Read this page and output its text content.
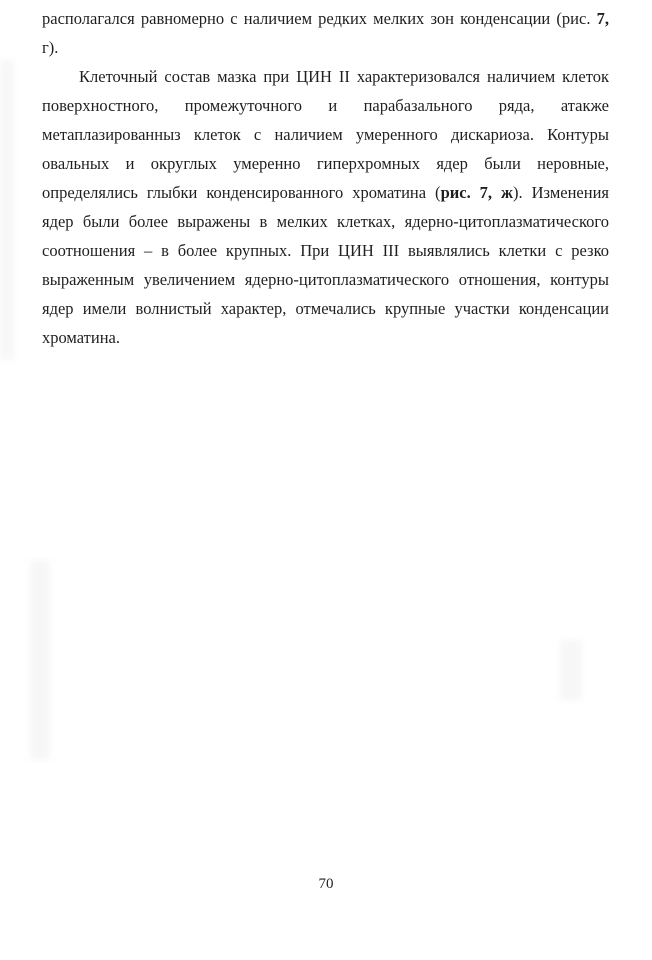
располагался равномерно с наличием редких мелких зон конденсации (рис. 7, г).

Клеточный состав мазка при ЦИН II характеризовался наличием клеток поверхностного, промежуточного и парабазального ряда, атакже метаплазированныз клеток с наличием умеренного дискариоза. Контуры овальных и округлых умеренно гиперхромных ядер были неровные, определялись глыбки конденсированного хроматина (рис. 7, ж). Изменения ядер были более выражены в мелких клетках, ядерно-цитоплазматического соотношения – в более крупных. При ЦИН III выявлялись клетки с резко выраженным увеличением ядерно-цитоплазматического отношения, контуры ядер имели волнистый характер, отмечались крупные участки конденсации хроматина.

70
